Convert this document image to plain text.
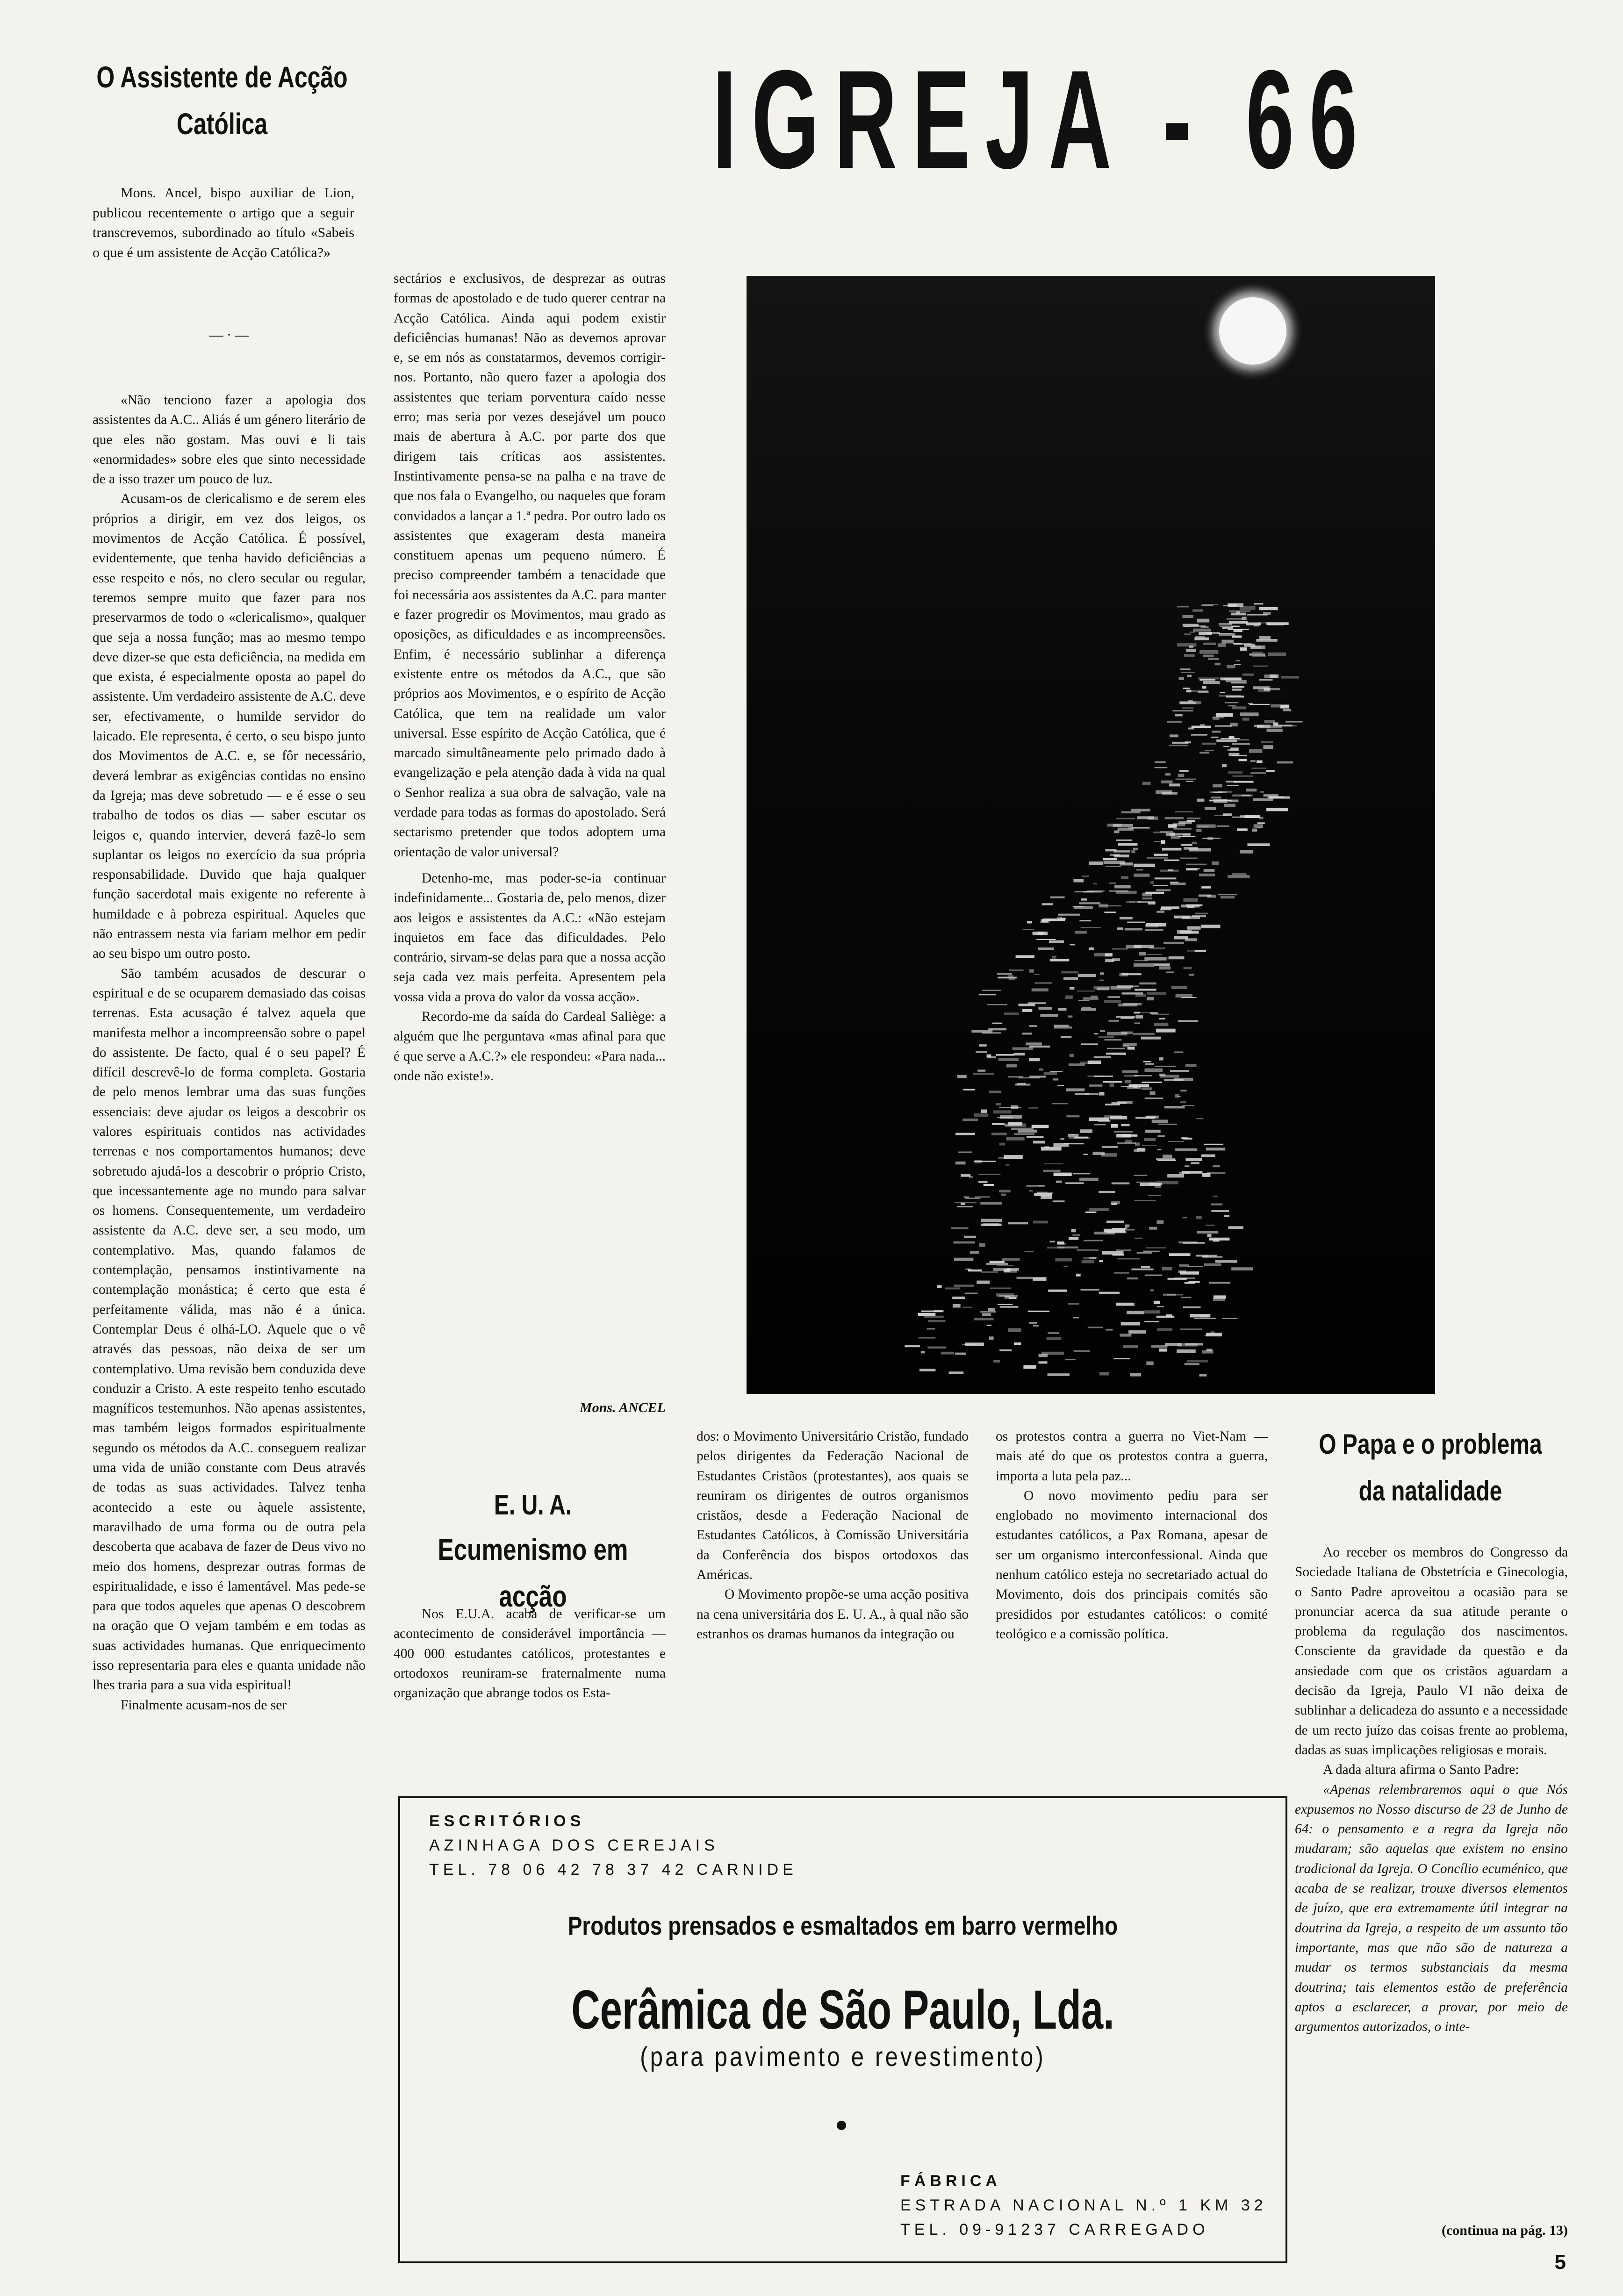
IGREJA - 66
O Assistente de Acção
Católica

Mons. Ancel, bispo auxiliar de Lion, publicou recentemente o artigo que a seguir transcrevemos, subordinado ao título «Sabeis o que é um assistente de Acção Católica?»

— · —

«Não tenciono fazer a apologia dos assistentes da A.C.. Aliás é um género literário de que eles não gostam. Mas ouvi e li tais «enormidades» sobre eles que sinto necessidade de a isso trazer um pouco de luz.

Acusam-os de clericalismo e de serem eles próprios a dirigir, em vez dos leigos, os movimentos de Acção Católica. É possível, evidentemente, que tenha havido deficiências a esse respeito e nós, no clero secular ou regular, teremos sempre muito que fazer para nos preservarmos de todo o «clericalismo», qualquer que seja a nossa função; mas ao mesmo tempo deve dizer-se que esta deficiência, na medida em que exista, é especialmente oposta ao papel do assistente. Um verdadeiro assistente de A.C. deve ser, efectivamente, o humilde servidor do laicado. Ele representa, é certo, o seu bispo junto dos Movimentos de A.C. e, se fôr necessário, deverá lembrar as exigências contidas no ensino da Igreja; mas deve sobretudo — e é esse o seu trabalho de todos os dias — saber escutar os leigos e, quando intervier, deverá fazê-lo sem suplantar os leigos no exercício da sua própria responsabilidade. Duvido que haja qualquer função sacerdotal mais exigente no referente à humildade e à pobreza espiritual. Aqueles que não entrassem nesta via fariam melhor em pedir ao seu bispo um outro posto.

São também acusados de descurar o espiritual e de se ocuparem demasiado das coisas terrenas. Esta acusação é talvez aquela que manifesta melhor a incompreensão sobre o papel do assistente. De facto, qual é o seu papel? É difícil descrevê-lo de forma completa. Gostaria de pelo menos lembrar uma das suas funções essenciais: deve ajudar os leigos a descobrir os valores espirituais contidos nas actividades terrenas e nos comportamentos humanos; deve sobretudo ajudá-los a descobrir o próprio Cristo, que incessantemente age no mundo para salvar os homens. Consequentemente, um verdadeiro assistente da A.C. deve ser, a seu modo, um contemplativo. Mas, quando falamos de contemplação, pensamos instintivamente na contemplação monástica; é certo que esta é perfeitamente válida, mas não é a única. Contemplar Deus é olhá-LO. Aquele que o vê através das pessoas, não deixa de ser um contemplativo. Uma revisão bem conduzida deve conduzir a Cristo. A este respeito tenho escutado magníficos testemunhos. Não apenas assistentes, mas também leigos formados espiritualmente segundo os métodos da A.C. conseguem realizar uma vida de união constante com Deus através de todas as suas actividades. Talvez tenha acontecido a este ou àquele assistente, maravilhado de uma forma ou de outra pela descoberta que acabava de fazer de Deus vivo no meio dos homens, desprezar outras formas de espiritualidade, e isso é lamentável. Mas pede-se para que todos aqueles que apenas O descobrem na oração que O vejam também e em todas as suas actividades humanas. Que enriquecimento isso representaria para eles e quanta unidade não lhes traria para a sua vida espiritual!

Finalmente acusam-nos de ser

sectários e exclusivos, de desprezar as outras formas de apostolado e de tudo querer centrar na Acção Católica. Ainda aqui podem existir deficiências humanas! Não as devemos aprovar e, se em nós as constatarmos, devemos corrigir-nos. Portanto, não quero fazer a apologia dos assistentes que teriam porventura caído nesse erro; mas seria por vezes desejável um pouco mais de abertura à A.C. por parte dos que dirigem tais críticas aos assistentes. Instintivamente pensa-se na palha e na trave de que nos fala o Evangelho, ou naqueles que foram convidados a lançar a 1.ª pedra. Por outro lado os assistentes que exageram desta maneira constituem apenas um pequeno número. É preciso compreender também a tenacidade que foi necessária aos assistentes da A.C. para manter e fazer progredir os Movimentos, mau grado as oposições, as dificuldades e as incompreensões. Enfim, é necessário sublinhar a diferença existente entre os métodos da A.C., que são próprios aos Movimentos, e o espírito de Acção Católica, que tem na realidade um valor universal. Esse espírito de Acção Católica, que é marcado simultâneamente pelo primado dado à evangelização e pela atenção dada à vida na qual o Senhor realiza a sua obra de salvação, vale na verdade para todas as formas do apostolado. Será sectarismo pretender que todos adoptem uma orientação de valor universal?

Detenho-me, mas poder-se-ia continuar indefinidamente... Gostaria de, pelo menos, dizer aos leigos e assistentes da A.C.: «Não estejam inquietos em face das dificuldades. Pelo contrário, sirvam-se delas para que a nossa acção seja cada vez mais perfeita. Apresentem pela vossa vida a prova do valor da vossa acção».

Recordo-me da saída do Cardeal Saliège: a alguém que lhe perguntava «mas afinal para que é que serve a A.C.?» ele respondeu: «Para nada... onde não existe!».

Mons. ANCEL
E. U. A.
Ecumenismo em acção

Nos E.U.A. acaba de verificar-se um acontecimento de considerável importância — 400 000 estudantes católicos, protestantes e ortodoxos reuniram-se fraternalmente numa organização que abrange todos os Esta-

dos: o Movimento Universitário Cristão, fundado pelos dirigentes da Federação Nacional de Estudantes Cristãos (protestantes), aos quais se reuniram os dirigentes de outros organismos cristãos, desde a Federação Nacional de Estudantes Católicos, à Comissão Universitária da Conferência dos bispos ortodoxos das Américas.

O Movimento propõe-se uma acção positiva na cena universitária dos E. U. A., à qual não são estranhos os dramas humanos da integração ou

os protestos contra a guerra no Viet-Nam — mais até do que os protestos contra a guerra, importa a luta pela paz...

O novo movimento pediu para ser englobado no movimento internacional dos estudantes católicos, a Pax Romana, apesar de ser um organismo interconfessional. Ainda que nenhum católico esteja no secretariado actual do Movimento, dois dos principais comités são presididos por estudantes católicos: o comité teológico e a comissão política.

O Papa e o problema
da natalidade

Ao receber os membros do Congresso da Sociedade Italiana de Obstetrícia e Ginecologia, o Santo Padre aproveitou a ocasião para se pronunciar acerca da sua atitude perante o problema da regulação dos nascimentos. Consciente da gravidade da questão e da ansiedade com que os cristãos aguardam a decisão da Igreja, Paulo VI não deixa de sublinhar a delicadeza do assunto e a necessidade de um recto juízo das coisas frente ao problema, dadas as suas implicações religiosas e morais.

A dada altura afirma o Santo Padre:

«Apenas relembraremos aqui o que Nós expusemos no Nosso discurso de 23 de Junho de 64: o pensamento e a regra da Igreja não mudaram; são aquelas que existem no ensino tradicional da Igreja. O Concílio ecuménico, que acaba de se realizar, trouxe diversos elementos de juízo, que era extremamente útil integrar na doutrina da Igreja, a respeito de um assunto tão importante, mas que não são de natureza a mudar os termos substanciais da mesma doutrina; tais elementos estão de preferência aptos a esclarecer, a provar, por meio de argumentos autorizados, o inte-

(continua na pág. 13)
ESCRITÓRIOS
AZINHAGA DOS CEREJAIS
TEL. 78 06 42 78 37 42 CARNIDE
Produtos prensados e esmaltados em barro vermelho
Cerâmica de São Paulo, Lda.
(para pavimento e revestimento)
FÁBRICA
ESTRADA NACIONAL N.º 1 KM 32
TEL. 09-91237 CARREGADO
5
